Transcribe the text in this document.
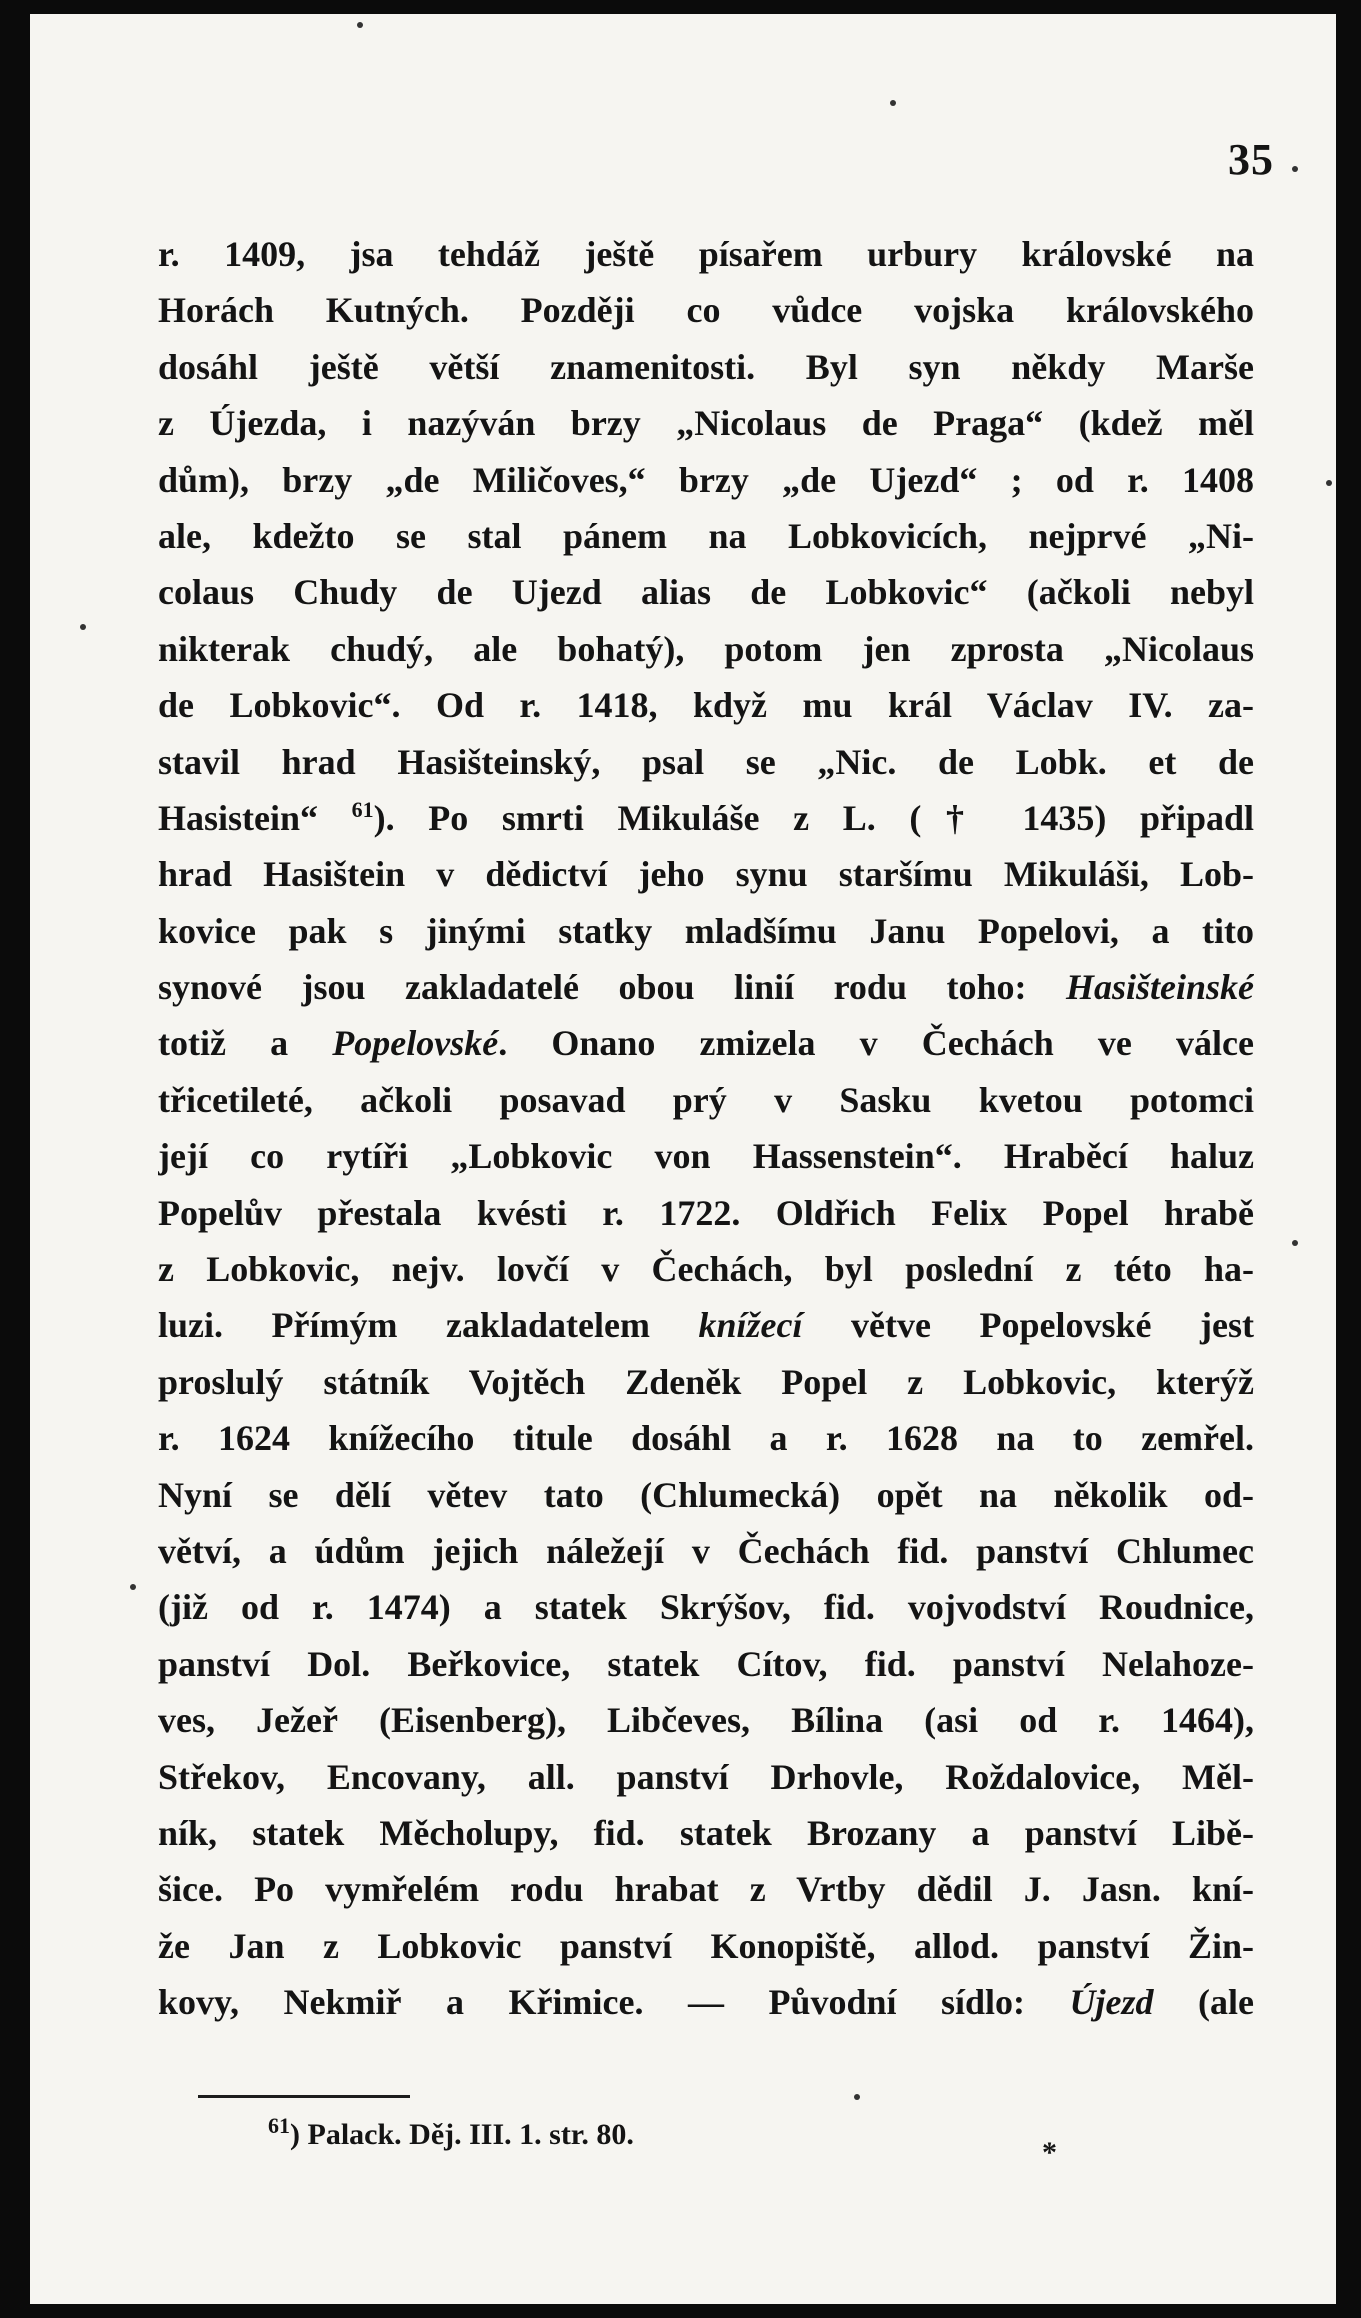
35
r. 1409, jsa tehdáž ještě písařem urbury královské na
Horách Kutných. Později co vůdce vojska královského
dosáhl ještě větší znamenitosti. Byl syn někdy Marše
z Újezda, i nazýván brzy „Nicolaus de Praga“ (kdež měl
dům), brzy „de Miličoves,“ brzy „de Ujezd“ ; od r. 1408
ale, kdežto se stal pánem na Lobkovicích, nejprvé „Ni-
colaus Chudy de Ujezd alias de Lobkovic“ (ačkoli nebyl
nikterak chudý, ale bohatý), potom jen zprosta „Nicolaus
de Lobkovic“. Od r. 1418, když mu král Václav IV. za-
stavil hrad Hasišteinský, psal se „Nic. de Lobk. et de
Hasistein“ $^{61}$). Po smrti Mikuláše z L. († 1435) připadl
hrad Hasištein v dědictví jeho synu staršímu Mikuláši, Lob-
kovice pak s jinými statky mladšímu Janu Popelovi, a tito
synové jsou zakladatelé obou linií rodu toho: Hasišteinské
totiž a Popelovské. Onano zmizela v Čechách ve válce
třicetileté, ačkoli posavad prý v Sasku kvetou potomci
její co rytíři „Lobkovic von Hassenstein“. Hraběcí haluz
Popelův přestala kvésti r. 1722. Oldřich Felix Popel hrabě
z Lobkovic, nejv. lovčí v Čechách, byl poslední z této ha-
luzi. Přímým zakladatelem knížecí větve Popelovské jest
proslulý státník Vojtěch Zdeněk Popel z Lobkovic, kterýž
r. 1624 knížecího titule dosáhl a r. 1628 na to zemřel.
Nyní se dělí větev tato (Chlumecká) opět na několik od-
větví, a údům jejich náležejí v Čechách fid. panství Chlumec
(již od r. 1474) a statek Skrýšov, fid. vojvodství Roudnice,
panství Dol. Beřkovice, statek Cítov, fid. panství Nelahoze-
ves, Ježeř (Eisenberg), Libčeves, Bílina (asi od r. 1464),
Střekov, Encovany, all. panství Drhovle, Roždalovice, Měl-
ník, statek Měcholupy, fid. statek Brozany a panství Libě-
šice. Po vymřelém rodu hrabat z Vrtby dědil J. Jasn. kní-
že Jan z Lobkovic panství Konopiště, allod. panství Žin-
kovy, Nekmiř a Křimice. — Původní sídlo: Újezd (ale
$^{61}$) Palack. Děj. III. 1. str. 80.
*
